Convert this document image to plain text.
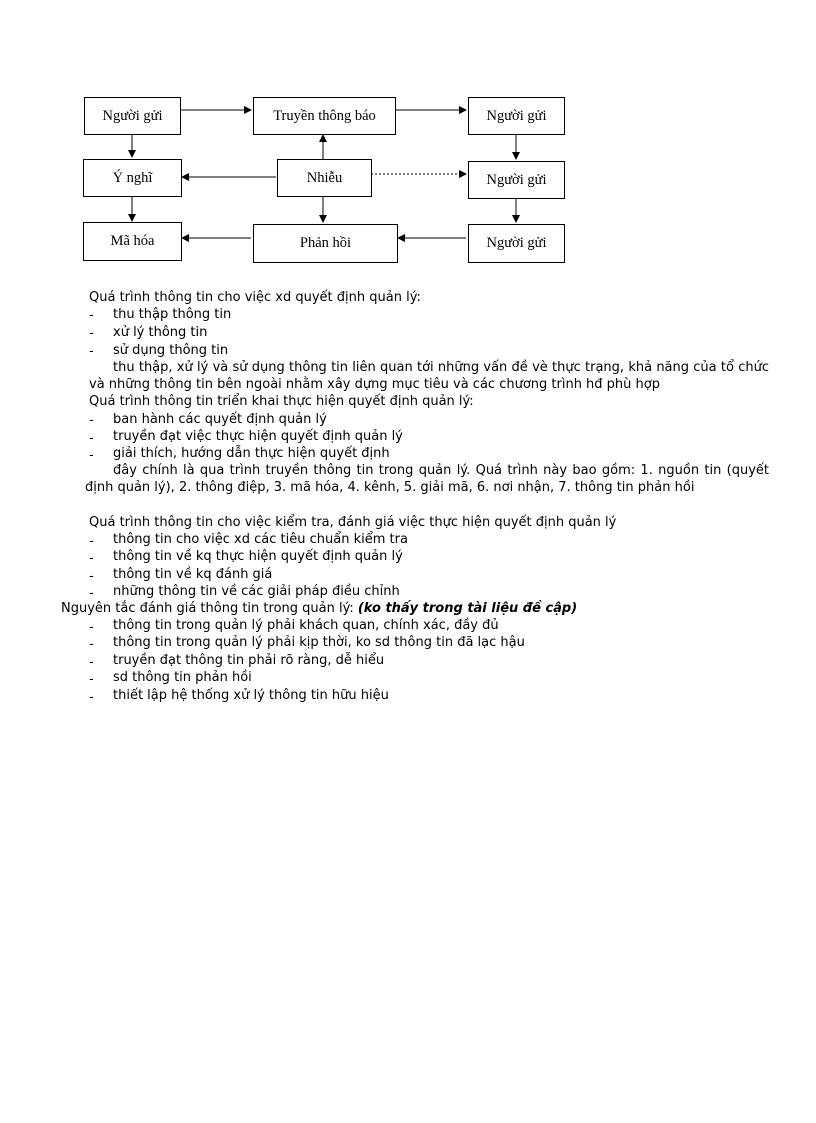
Người gửi	Truyền thông báo	Người gửi
Ý nghĩ	Nhiễu	Người gửi
Mã hóa	Phản hồi	Người gửi
Quá trình thông tin cho việc xd quyết định quản lý:
- thu thập thông tin
- xử lý thông tin
- sử dụng thông tin
thu thập, xử lý và sử dụng thông tin liên quan tới những vấn đề vè thực trạng, khả năng của tổ chức và những thông tin bên ngoài nhằm xây dựng mục tiêu và các chương trình hđ phù hợp
Quá trình thông tin triển khai thực hiện quyết định quản lý:
- ban hành các quyết định quản lý
- truyền đạt việc thực hiện quyết định quản lý
- giải thích, hướng dẫn thực hiện quyết định
đây chính là qua trình truyền thông tin trong quản lý. Quá trình này bao gồm: 1. nguồn tin (quyết định quản lý), 2. thông điệp, 3. mã hóa, 4. kênh, 5. giải mã, 6. nơi nhận, 7. thông tin phản hồi
Quá trình thông tin cho việc kiểm tra, đánh giá việc thực hiện quyết định quản lý
- thông tin cho việc xd các tiêu chuẩn kiểm tra
- thông tin về kq thực hiện quyết định quản lý
- thông tin về kq đánh giá
- những thông tin về các giải pháp điều chỉnh
Nguyên tắc đánh giá thông tin trong quản lý: (ko thấy trong tài liệu đề cập)
- thông tin trong quản lý phải khách quan, chính xác, đầy đủ
- thông tin trong quản lý phải kịp thời, ko sd thông tin đã lạc hậu
- truyền đạt thông tin phải rõ ràng, dễ hiểu
- sd thông tin phản hồi
- thiết lập hệ thống xử lý thông tin hữu hiệu
